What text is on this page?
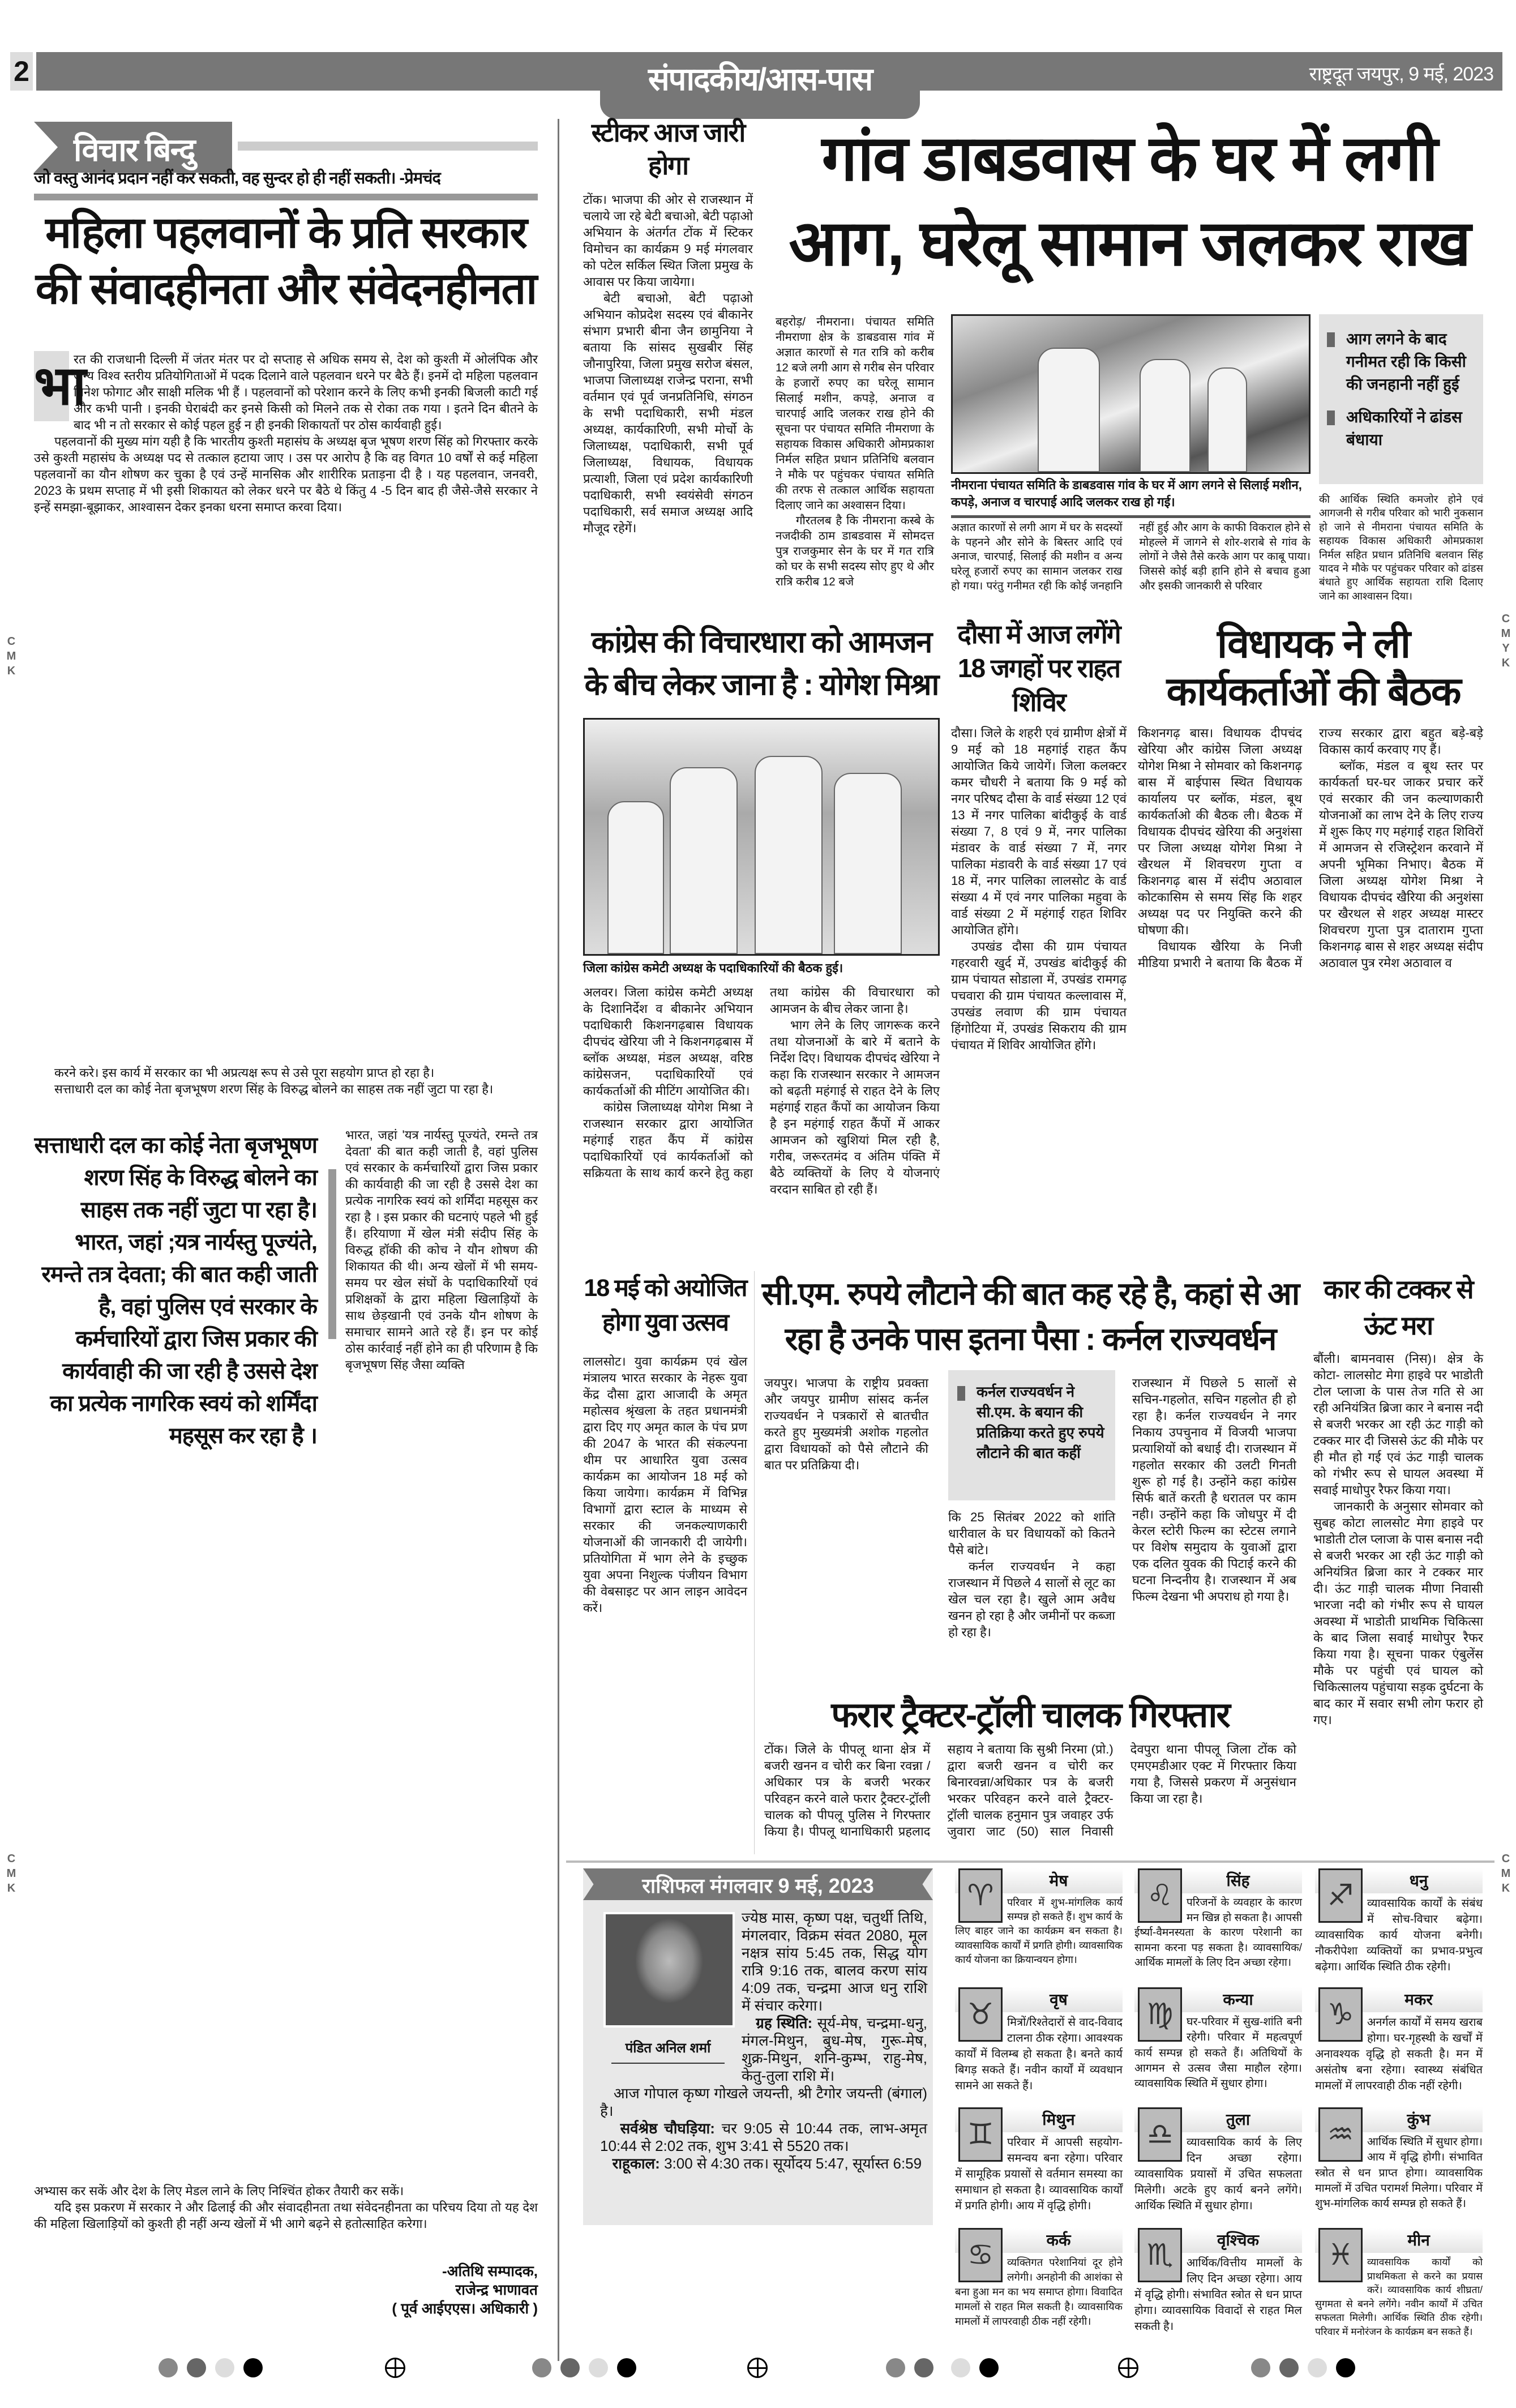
2	संपादकीय/आस-पास	राष्ट्रदूत जयपुर, 9 मई, 2023
विचार बिन्दु
जो वस्तु आनंद प्रदान नहीं कर सकती, वह सुन्दर हो ही नहीं सकती। -प्रेमचंद
महिला पहलवानों के प्रति सरकार की संवादहीनता और संवेदनहीनता
भा

रत की राजधानी दिल्ली में जंतर मंतर पर दो सप्ताह से अधिक समय से, देश को कुश्ती में ओलंपिक और अन्य विश्व स्तरीय प्रतियोगिताओं में पदक दिलाने वाले पहलवान धरने पर बैठे हैं। इनमें दो महिला पहलवान विनेश फोगाट और साक्षी मलिक भी हैं । पहलवानों को परेशान करने के लिए कभी इनकी बिजली काटी गई और कभी पानी । इनकी घेराबंदी कर इनसे किसी को मिलने तक से रोका तक गया । इतने दिन बीतने के बाद भी न तो सरकार से कोई पहल हुई न ही इनकी शिकायतों पर ठोस कार्यवाही हुई।

पहलवानों की मुख्य मांग यही है कि भारतीय कुश्ती महासंघ के अध्यक्ष बृज भूषण शरण सिंह को गिरफ्तार करके उसे कुश्ती महासंघ के अध्यक्ष पद से तत्काल हटाया जाए । उस पर आरोप है कि वह विगत 10 वर्षों से कई महिला पहलवानों का यौन शोषण कर चुका है एवं उन्हें मानसिक और शारीरिक प्रताड़ना दी है । यह पहलवान, जनवरी, 2023 के प्रथम सप्ताह में भी इसी शिकायत को लेकर धरने पर बैठे थे किंतु 4 -5 दिन बाद ही जैसे-जैसे सरकार ने इन्हें समझा-बूझाकर, आश्वासन देकर इनका धरना समाप्त करवा दिया।

करने करे। इस कार्य में सरकार का भी अप्रत्यक्ष रूप से उसे पूरा सहयोग प्राप्त हो रहा है।

सत्ताधारी दल का कोई नेता बृजभूषण शरण सिंह के विरुद्ध बोलने का साहस तक नहीं जुटा पा रहा है।

सत्ताधारी दल का कोई नेता बृजभूषण शरण सिंह के विरुद्ध बोलने का साहस तक नहीं जुटा पा रहा है। भारत, जहां ;यत्र नार्यस्तु पूज्यंते, रमन्ते तत्र देवता; की बात कही जाती है, वहां पुलिस एवं सरकार के कर्मचारियों द्वारा जिस प्रकार की कार्यवाही की जा रही है उससे देश का प्रत्येक नागरिक स्वयं को शर्मिंदा महसूस कर रहा है ।

भारत, जहां 'यत्र नार्यस्तु पूज्यंते, रमन्ते तत्र देवता' की बात कही जाती है, वहां पुलिस एवं सरकार के कर्मचारियों द्वारा जिस प्रकार की कार्यवाही की जा रही है उससे देश का प्रत्येक नागरिक स्वयं को शर्मिंदा महसूस कर रहा है । इस प्रकार की घटनाएं पहले भी हुई हैं। हरियाणा में खेल मंत्री संदीप सिंह के विरुद्ध हॉकी की कोच ने यौन शोषण की शिकायत की थी। अन्य खेलों में भी समय-समय पर खेल संघों के पदाधिकारियों एवं प्रशिक्षकों के द्वारा महिला खिलाड़ियों के साथ छेड़खानी एवं उनके यौन शोषण के समाचार सामने आते रहे हैं। इन पर कोई ठोस कार्रवाई नहीं होने का ही परिणाम है कि बृजभूषण सिंह जैसा व्यक्ति

अभ्यास कर सकें और देश के लिए मेडल लाने के लिए निश्चिंत होकर तैयारी कर सकें।

यदि इस प्रकरण में सरकार ने और ढिलाई की और संवादहीनता तथा संवेदनहीनता का परिचय दिया तो यह देश की महिला खिलाड़ियों को कुश्ती ही नहीं अन्य खेलों में भी आगे बढ़ने से हतोत्साहित करेगा।

-अतिथि सम्पादक,
राजेन्द्र भाणावत
( पूर्व आईएएस। अधिकारी )
स्टीकर आज जारी होगा

टोंक। भाजपा की ओर से राजस्थान में चलाये जा रहे बेटी बचाओ, बेटी पढ़ाओ अभियान के अंतर्गत टोंक में स्टिकर विमोचन का कार्यक्रम 9 मई मंगलवार को पटेल सर्किल स्थित जिला प्रमुख के आवास पर किया जायेगा।

बेटी बचाओ, बेटी पढ़ाओ अभियान कोप्रदेश सदस्य एवं बीकानेर संभाग प्रभारी बीना जैन छामुनिया ने बताया कि सांसद सुखबीर सिंह जौनापुरिया, जिला प्रमुख सरोज बंसल, भाजपा जिलाध्यक्ष राजेन्द्र पराना, सभी वर्तमान एवं पूर्व जनप्रतिनिधि, संगठन के सभी पदाधिकारी, सभी मंडल अध्यक्ष, कार्यकारिणी, सभी मोर्चो के जिलाध्यक्ष, पदाधिकारी, सभी पूर्व जिलाध्यक्ष, विधायक, विधायक प्रत्याशी, जिला एवं प्रदेश कार्यकारिणी पदाधिकारी, सभी स्वयंसेवी संगठन पदाधिकारी, सर्व समाज अध्यक्ष आदि मौजूद रहेगें।

गांव डाबडवास के घर में लगी आग, घरेलू सामान जलकर राख

बहरोड़/ नीमराना। पंचायत समिति नीमराणा क्षेत्र के डाबडवास गांव में अज्ञात कारणों से गत रात्रि को करीब 12 बजे लगी आग से गरीब सेन परिवार के हजारों रुपए का घरेलू सामान सिलाई मशीन, कपड़े, अनाज व चारपाई आदि जलकर राख होने की सूचना पर पंचायत समिति नीमराणा के सहायक विकास अधिकारी ओमप्रकाश निर्मल सहित प्रधान प्रतिनिधि बलवान ने मौके पर पहुंचकर पंचायत समिति की तरफ से तत्काल आर्थिक सहायता दिलाए जाने का अश्वासन दिया।

गौरतलब है कि नीमराना कस्बे के नजदीकी ठाम डाबडवास में सोमदत्त पुत्र राजकुमार सेन के घर में गत रात्रि को घर के सभी सदस्य सोए हुए थे और रात्रि करीब 12 बजे

नीमराना पंचायत समिति के डाबडवास गांव के घर में आग लगने से सिलाई मशीन, कपड़े, अनाज व चारपाई आदि जलकर राख हो गई।

अज्ञात कारणों से लगी आग में घर के सदस्यों के पहनने और सोने के बिस्तर आदि एवं अनाज, चारपाई, सिलाई की मशीन व अन्य घरेलू हजारों रुपए का सामान जलकर राख हो गया। परंतु गनीमत रही कि कोई जनहानि नहीं हुई और आग के काफी विकराल होने से मोहल्ले में जागने से शोर-शराबे से गांव के लोगों ने जैसे तैसे करके आग पर काबू पाया। जिससे कोई बड़ी हानि होने से बचाव हुआ और इसकी जानकारी से परिवार

आग लगने के बाद गनीमत रही कि किसी की जनहानी नहीं हुई
अधिकारियों ने ढांडस बंधाया

की आर्थिक स्थिति कमजोर होने एवं आगजनी से गरीब परिवार को भारी नुकसान हो जाने से नीमराना पंचायत समिति के सहायक विकास अधिकारी ओमप्रकाश निर्मल सहित प्रधान प्रतिनिधि बलवान सिंह यादव ने मौके पर पहुंचकर परिवार को ढांडस बंधाते हुए आर्थिक सहायता राशि दिलाए जाने का आश्वासन दिया।

कांग्रेस की विचारधारा को आमजन के बीच लेकर जाना है : योगेश मिश्रा
जिला कांग्रेस कमेटी अध्यक्ष के पदाधिकारियों की बैठक हुई।

अलवर। जिला कांग्रेस कमेटी अध्यक्ष के दिशानिर्देश व बीकानेर अभियान पदाधिकारी किशनगढ़बास विधायक दीपचंद खेरिया जी ने किशनगढ़बास में ब्लॉक अध्यक्ष, मंडल अध्यक्ष, वरिष्ठ कांग्रेसजन, पदाधिकारियों एवं कार्यकर्ताओं की मीटिंग आयोजित की।

कांग्रेस जिलाध्यक्ष योगेश मिश्रा ने राजस्थान सरकार द्वारा आयोजित महंगाई राहत कैंप में कांग्रेस पदाधिकारियों एवं कार्यकर्ताओं को सक्रियता के साथ कार्य करने हेतु कहा तथा कांग्रेस की विचारधारा को आमजन के बीच लेकर जाना है।

भाग लेने के लिए जागरूक करने तथा योजनाओं के बारे में बताने के निर्देश दिए। विधायक दीपचंद खेरिया ने कहा कि राजस्थान सरकार ने आमजन को बढ़ती महंगाई से राहत देने के लिए महंगाई राहत कैंपों का आयोजन किया है इन महंगाई राहत कैंपों में आकर आमजन को खुशियां मिल रही है, गरीब, जरूरतमंद व अंतिम पंक्ति में बैठे व्यक्तियों के लिए ये योजनाएं वरदान साबित हो रही हैं।

दौसा में आज लगेंगे 18 जगहों पर राहत शिविर

दौसा। जिले के शहरी एवं ग्रामीण क्षेत्रों में 9 मई को 18 महगांई राहत कैंप आयोजित किये जायेगें। जिला कलक्टर कमर चौधरी ने बताया कि 9 मई को नगर परिषद दौसा के वार्ड संख्या 12 एवं 13 में नगर पालिका बांदीकुई के वार्ड संख्या 7, 8 एवं 9 में, नगर पालिका मंडावर के वार्ड संख्या 7 में, नगर पालिका मंडावरी के वार्ड संख्या 17 एवं 18 में, नगर पालिका लालसोट के वार्ड संख्या 4 में एवं नगर पालिका महुवा के वार्ड संख्या 2 में महंगाई राहत शिविर आयोजित होंगे।

उपखंड दौसा की ग्राम पंचायत गहरवारी खुर्द में, उपखंड बांदीकुई की ग्राम पंचायत सोडाला में, उपखंड रामगढ़ पचवारा की ग्राम पंचायत कल्लावास में, उपखंड लवाण की ग्राम पंचायत हिंगोटिया में, उपखंड सिकराय की ग्राम पंचायत में शिविर आयोजित होंगे।

विधायक ने ली कार्यकर्ताओं की बैठक

किशनगढ़ बास। विधायक दीपचंद खेरिया और कांग्रेस जिला अध्यक्ष योगेश मिश्रा ने सोमवार को किशनगढ़ बास में बाईपास स्थित विधायक कार्यालय पर ब्लॉक, मंडल, बूथ कार्यकर्ताओ की बैठक ली। बैठक में विधायक दीपचंद खेरिया की अनुशंसा पर जिला अध्यक्ष योगेश मिश्रा ने खैरथल में शिवचरण गुप्ता व किशनगढ़ बास में संदीप अठावाल कोटकासिम से समय सिंह कि शहर अध्यक्ष पद पर नियुक्ति करने की घोषणा की।

विधायक खैरिया के निजी मीडिया प्रभारी ने बताया कि बैठक में राज्य सरकार द्वारा बहुत बड़े-बड़े विकास कार्य करवाए गए हैं।

ब्लॉक, मंडल व बूथ स्तर पर कार्यकर्ता घर-घर जाकर प्रचार करें एवं सरकार की जन कल्याणकारी योजनाओं का लाभ देने के लिए राज्य में शुरू किए गए महंगाई राहत शिविरों में आमजन से रजिस्ट्रेशन करवाने में अपनी भूमिका निभाए। बैठक में जिला अध्यक्ष योगेश मिश्रा ने विधायक दीपचंद खैरिया की अनुशंसा पर खैरथल से शहर अध्यक्ष मास्टर शिवचरण गुप्ता पुत्र दाताराम गुप्ता किशनगढ़ बास से शहर अध्यक्ष संदीप अठावाल पुत्र रमेश अठावाल व

18 मई को अयोजित होगा युवा उत्सव

लालसोट। युवा कार्यक्रम एवं खेल मंत्रालय भारत सरकार के नेहरू युवा केंद्र दौसा द्वारा आजादी के अमृत महोत्सव श्रृंखला के तहत प्रधानमंत्री द्वारा दिए गए अमृत काल के पंच प्रण की 2047 के भारत की संकल्पना थीम पर आधारित युवा उत्सव कार्यक्रम का आयोजन 18 मई को किया जायेगा। कार्यक्रम में विभिन्न विभागों द्वारा स्टाल के माध्यम से सरकार की जनकल्याणकारी योजनाओं की जानकारी दी जायेगी। प्रतियोगिता में भाग लेने के इच्छुक युवा अपना निशुल्क पंजीयन विभाग की वेबसाइट पर आन लाइन आवेदन करें।

सी.एम. रुपये लौटाने की बात कह रहे है, कहां से आ रहा है उनके पास इतना पैसा : कर्नल राज्यवर्धन

जयपुर। भाजपा के राष्ट्रीय प्रवक्ता और जयपुर ग्रामीण सांसद कर्नल राज्यवर्धन ने पत्रकारों से बातचीत करते हुए मुख्यमंत्री अशोक गहलोत द्वारा विधायकों को पैसे लौटाने की बात पर प्रतिक्रिया दी।

कर्नल राज्यवर्धन ने सी.एम. के बयान की प्रतिक्रिया करते हुए रुपये लौटाने की बात कहीं

कि 25 सितंबर 2022 को शांति धारीवाल के घर विधायकों को कितने पैसे बांटे।

कर्नल राज्यवर्धन ने कहा राजस्थान में पिछले 4 सालों से लूट का खेल चल रहा है। खुले आम अवैध खनन हो रहा है और जमीनों पर कब्जा हो रहा है।

राजस्थान में पिछले 5 सालों से सचिन-गहलोत, सचिन गहलोत ही हो रहा है। कर्नल राज्यवर्धन ने नगर निकाय उपचुनाव में विजयी भाजपा प्रत्याशियों को बधाई दी। राजस्थान में गहलोत सरकार की उलटी गिनती शुरू हो गई है। उन्होंने कहा कांग्रेस सिर्फ बातें करती है धरातल पर काम नही। उन्होंने कहा कि जोधपुर में दी केरल स्टोरी फिल्म का स्टेटस लगाने पर विशेष समुदाय के युवाओं द्वारा एक दलित युवक की पिटाई करने की घटना निन्दनीय है। राजस्थान में अब फिल्म देखना भी अपराध हो गया है।

कार की टक्कर से ऊंट मरा

बौंली। बामनवास (निस)। क्षेत्र के कोटा- लालसोट मेगा हाइवे पर भाडोती टोल प्लाजा के पास तेज गति से आ रही अनियंत्रित ब्रिजा कार ने बनास नदी से बजरी भरकर आ रही ऊंट गाड़ी को टक्कर मार दी जिससे ऊंट की मौके पर ही मौत हो गई एवं ऊंट गाड़ी चालक को गंभीर रूप से घायल अवस्था में सवाई माधोपुर रैफर किया गया।

जानकारी के अनुसार सोमवार को सुबह कोटा लालसोट मेगा हाइवे पर भाडोती टोल प्लाजा के पास बनास नदी से बजरी भरकर आ रही ऊंट गाड़ी को अनियंत्रित ब्रिजा कार ने टक्कर मार दी। ऊंट गाड़ी चालक मीणा निवासी भारजा नदी को गंभीर रूप से घायल अवस्था में भाडोती प्राथमिक चिकित्सा के बाद जिला सवाई माधोपुर रैफर किया गया है। सूचना पाकर एंबुलेंस मौके पर पहुंची एवं घायल को चिकित्सालय पहुंचाया सड़क दुर्घटना के बाद कार में सवार सभी लोग फरार हो गए।

फरार ट्रैक्टर-ट्रॉली चालक गिरफ्तार

टोंक। जिले के पीपलू थाना क्षेत्र में बजरी खनन व चोरी कर बिना रवन्ना /अधिकार पत्र के बजरी भरकर परिवहन करने वाले फरार ट्रैक्टर-ट्रॉली चालक को पीपलू पुलिस ने गिरफ्तार किया है। पीपलू थानाधिकारी प्रहलाद सहाय ने बताया कि सुश्री निरमा (प्रो.) द्वारा बजरी खनन व चोरी कर बिनारवन्ना/अधिकार पत्र के बजरी भरकर परिवहन करने वाले ट्रैक्टर-ट्रॉली चालक हनुमान पुत्र जवाहर उर्फ जुवारा जाट (50) साल निवासी देवपुरा थाना पीपलू जिला टोंक को एमएमडीआर एक्ट में गिरफ्तार किया गया है, जिससे प्रकरण में अनुसंधान किया जा रहा है।

राशिफल मंगलवार 9 मई, 2023
पंडित अनिल शर्मा
ज्येष्ठ मास, कृष्ण पक्ष, चतुर्थी तिथि, मंगलवार, विक्रम संवत 2080, मूल नक्षत्र सांय 5:45 तक, सिद्ध योग रात्रि 9:16 तक, बालव करण सांय 4:09 तक, चन्द्रमा आज धनु राशि में संचार करेगा।
ग्रह स्थिति: सूर्य-मेष, चन्द्रमा-धनु, मंगल-मिथुन, बुध-मेष, गुरू-मेष, शुक्र-मिथुन, शनि-कुम्भ, राहु-मेष, केतु-तुला राशि में।
आज गोपाल कृष्ण गोखले जयन्ती, श्री टैगोर जयन्ती (बंगाल) है।
सर्वश्रेष्ठ चौघड़िया: चर 9:05 से 10:44 तक, लाभ-अमृत 10:44 से 2:02 तक, शुभ 3:41 से 5520 तक।
राहूकाल: 3:00 से 4:30 तक। सूर्योदय 5:47, सूर्यास्त 6:59
♈	मेष
परिवार में शुभ-मांगलिक कार्य सम्पन्न हो सकते हैं। शुभ कार्य के लिए बाहर जाने का कार्यक्रम बन सकता है। व्यावसायिक कार्यों में प्रगति होगी। व्यावसायिक कार्य योजना का क्रियान्वयन होगा।
♌	सिंह
परिजनों के व्यवहार के कारण मन खिन्न हो सकता है। आपसी ईर्ष्या-वैमनस्यता के कारण परेशानी का सामना करना पड़ सकता है। व्यावसायिक/आर्थिक मामलों के लिए दिन अच्छा रहेगा।
♐	धनु
व्यावसायिक कार्यों के संबंध में सोच-विचार बढ़ेगा। व्यावसायिक कार्य योजना बनेगी। नौकरीपेशा व्यक्तियों का प्रभाव-प्रभुत्व बढ़ेगा। आर्थिक स्थिति ठीक रहेगी।
♉	वृष
मित्रों/रिश्तेदारों से वाद-विवाद टालना ठीक रहेगा। आवश्यक कार्यों में विलम्ब हो सकता है। बनते कार्य बिगड़ सकते हैं। नवीन कार्यों में व्यवधान सामने आ सकते हैं।
♍	कन्या
घर-परिवार में सुख-शांति बनी रहेगी। परिवार में महत्वपूर्ण कार्य सम्पन्न हो सकते हैं। अतिथियों के आगमन से उत्सव जैसा माहौल रहेगा। व्यावसायिक स्थिति में सुधार होगा।
♑	मकर
अनर्गल कार्यों में समय खराब होगा। घर-गृहस्थी के खर्चों में अनावश्यक वृद्धि हो सकती है। मन में असंतोष बना रहेगा। स्वास्थ्य संबंधित मामलों में लापरवाही ठीक नहीं रहेगी।
♊	मिथुन
परिवार में आपसी सहयोग-समन्वय बना रहेगा। परिवार में सामूहिक प्रयासों से वर्तमान समस्या का समाधान हो सकता है। व्यावसायिक कार्यों में प्रगति होगी। आय में वृद्धि होगी।
♎	तुला
व्यावसायिक कार्य के लिए दिन अच्छा रहेगा। व्यावसायिक प्रयासों में उचित सफलता मिलेगी। अटके हुए कार्य बनने लगेंगे। आर्थिक स्थिति में सुधार होगा।
♒	कुंभ
आर्थिक स्थिति में सुधार होगा। आय में वृद्धि होगी। संभावित स्त्रोत से धन प्राप्त होगा। व्यावसायिक मामलों में उचित परामर्श मिलेगा। परिवार में शुभ-मांगलिक कार्य सम्पन्न हो सकते हैं।
♋	कर्क
व्यक्तिगत परेशानियां दूर होने लगेगी। अनहोनी की आशंका से बना हुआ मन का भय समाप्त होगा। विवादित मामलों से राहत मिल सकती है। व्यावसायिक मामलों में लापरवाही ठीक नहीं रहेगी।
♏	वृश्चिक
आर्थिक/वित्तीय मामलों के लिए दिन अच्छा रहेगा। आय में वृद्धि होगी। संभावित स्त्रोत से धन प्राप्त होगा। व्यावसायिक विवादों से राहत मिल सकती है।
♓	मीन
व्यावसायिक कार्यों को प्राथमिकता से करने का प्रयास करें। व्यावसायिक कार्य शीघ्रता/सुगमता से बनने लगेंगे। नवीन कार्यों में उचित सफलता मिलेगी। आर्थिक स्थिति ठीक रहेगी। परिवार में मनोरंजन के कार्यक्रम बन सकते हैं।
C
M
K
C
M
Y
K
C
M
K
C
M
K
